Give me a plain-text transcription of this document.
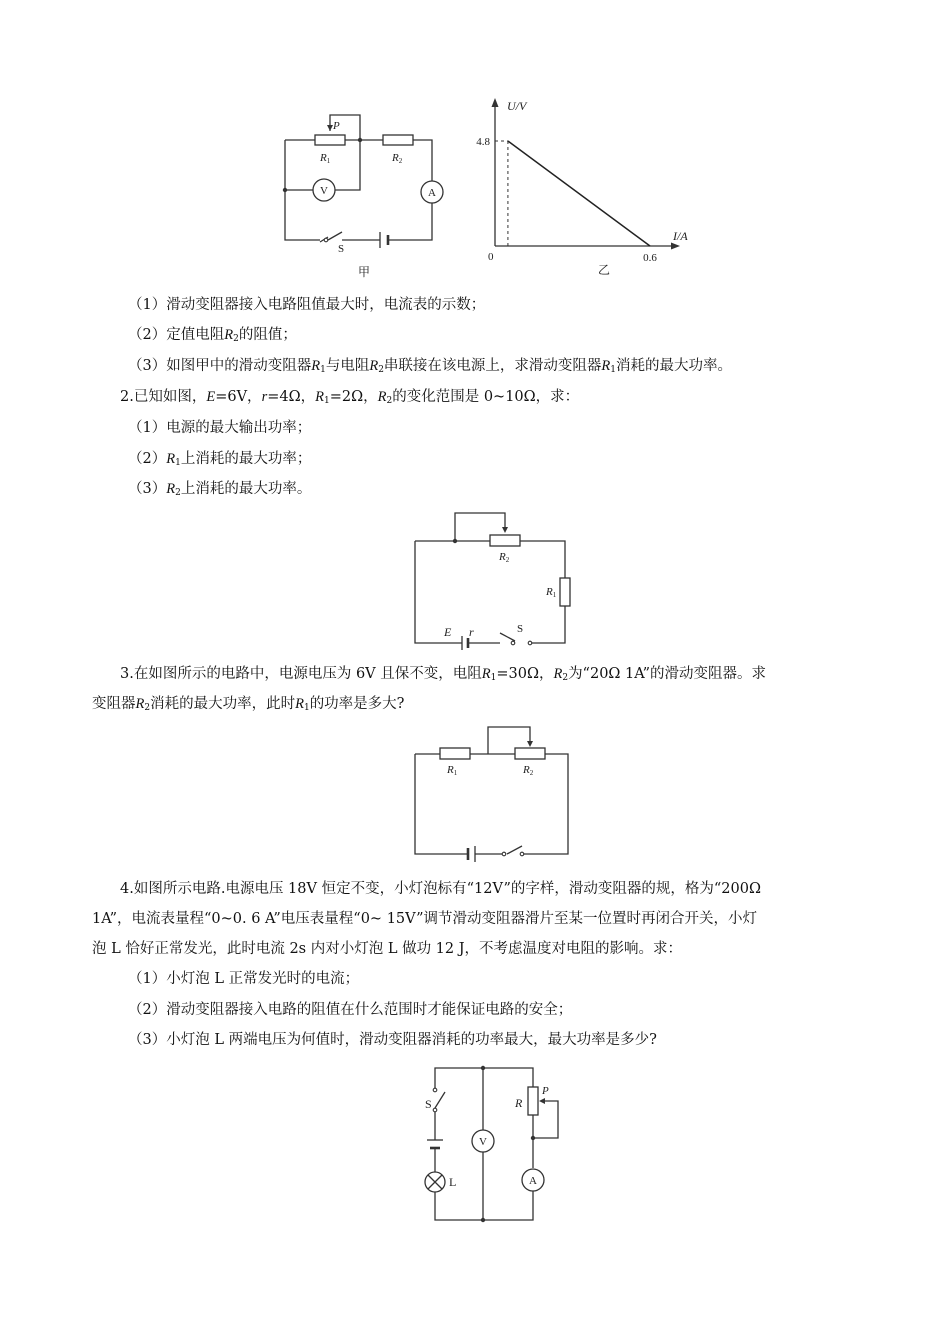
P
R1	R2
V	A
S
甲
4.8
0.6
U/V
I/A
0
乙
（1）滑动变阻器接入电路阻值最大时，电流表的示数；
（2）定值电阻$R_2$的阻值；
（3）如图甲中的滑动变阻器$R_1$与电阻$R_2$串联接在该电源上，求滑动变阻器$R_1$消耗的最大功率。
2.已知如图，E=6V，r=4Ω，$R_1=2\Omega$，$R_2$的变化范围是 0~10Ω，求：
（1）电源的最大输出功率；
$(2)R_1$上消耗的最大功率；
$(3)R_2$上消耗的最大功率。
R2
R1
E r	S
3.在如图所示的电路中，电源电压为 6V 且保不变，电阻$R_1=30\Omega$，$R_2$为“20Ω 1A”的滑动变阻器。求
变阻器$R_2$消耗的最大功率，此时$R_1$的功率是多大?
R1	R2
4.如图所示电路.电源电压 18V 恒定不变，小灯泡标有“12V”的字样，滑动变阻器的规，格为“200Ω
1A”，电流表量程“0~0. 6 A”电压表量程“0~ 15V”调节滑动变阻器滑片至某一位置时再闭合开关，小灯
泡 L 恰好正常发光，此时电流 2s 内对小灯泡 L 做功 12 J，不考虑温度对电阻的影响。求：
（1）小灯泡 L 正常发光时的电流；
（2）滑动变阻器接入电路的阻值在什么范围时才能保证电路的安全；
（3）小灯泡 L 两端电压为何值时，滑动变阻器消耗的功率最大，最大功率是多少?
S	R
P
V
A
L
